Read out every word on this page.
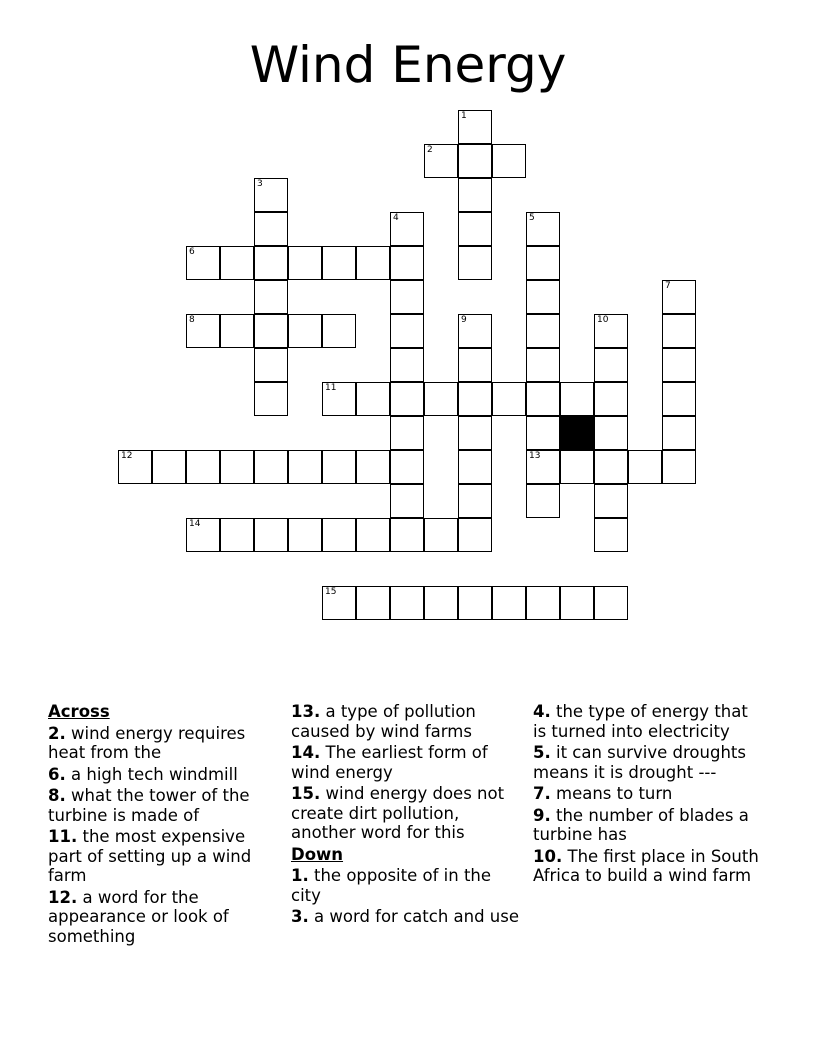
Wind Energy
1
2
3
4	5
13
6
7
8	9	10
11
12
14
15
Across
2. wind energy requires heat from the
6. a high tech windmill
8. what the tower of the turbine is made of
11. the most expensive part of setting up a wind farm
12. a word for the appearance or look of something
13. a type of pollution caused by wind farms
14. The earliest form of wind energy
15. wind energy does not create dirt pollution, another word for this
Down
1. the opposite of in the city
3. a word for catch and use
4. the type of energy that is turned into electricity
5. it can survive droughts means it is drought ---
7. means to turn
9. the number of blades a turbine has
10. The first place in South Africa to build a wind farm
